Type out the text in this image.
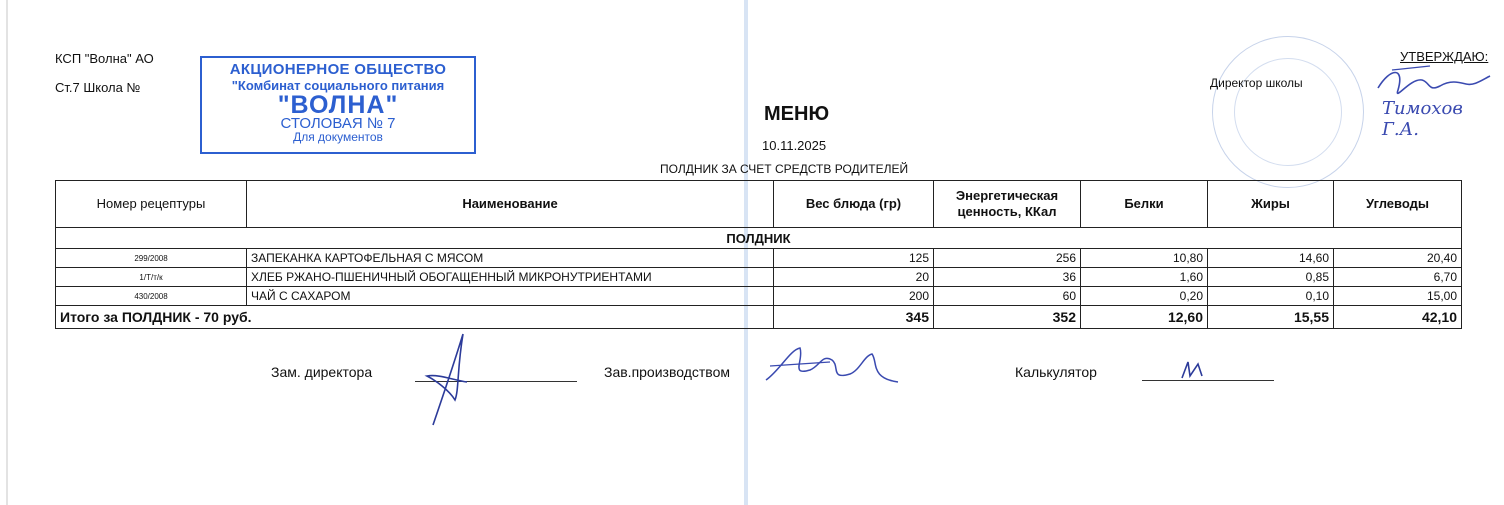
КСП "Волна" АО
Ст.7 Школа №
АКЦИОНЕРНОЕ ОБЩЕСТВО
"Комбинат социального питания
"ВОЛНА"
СТОЛОВАЯ № 7
Для документов
МЕНЮ
10.11.2025
ПОЛДНИК ЗА СЧЕТ СРЕДСТВ РОДИТЕЛЕЙ
УТВЕРЖДАЮ:
Директор школы
Тимохов Г.А.
Номер рецептуры	Наименование	Вес блюда (гр)	Энергетическая ценность, ККал	Белки	Жиры	Углеводы
ПОЛДНИК						
299/2008	ЗАПЕКАНКА КАРТОФЕЛЬНАЯ С МЯСОМ	125	256	10,80	14,60	20,40
1/Т/т/к	ХЛЕБ РЖАНО-ПШЕНИЧНЫЙ ОБОГАЩЕННЫЙ МИКРОНУТРИЕНТАМИ	20	36	1,60	0,85	6,70
430/2008	ЧАЙ С САХАРОМ	200	60	0,20	0,10	15,00
Итого за ПОЛДНИК - 70 руб.		345	352	12,60	15,55	42,10
Зам. директора	Зав.производством	Калькулятор
